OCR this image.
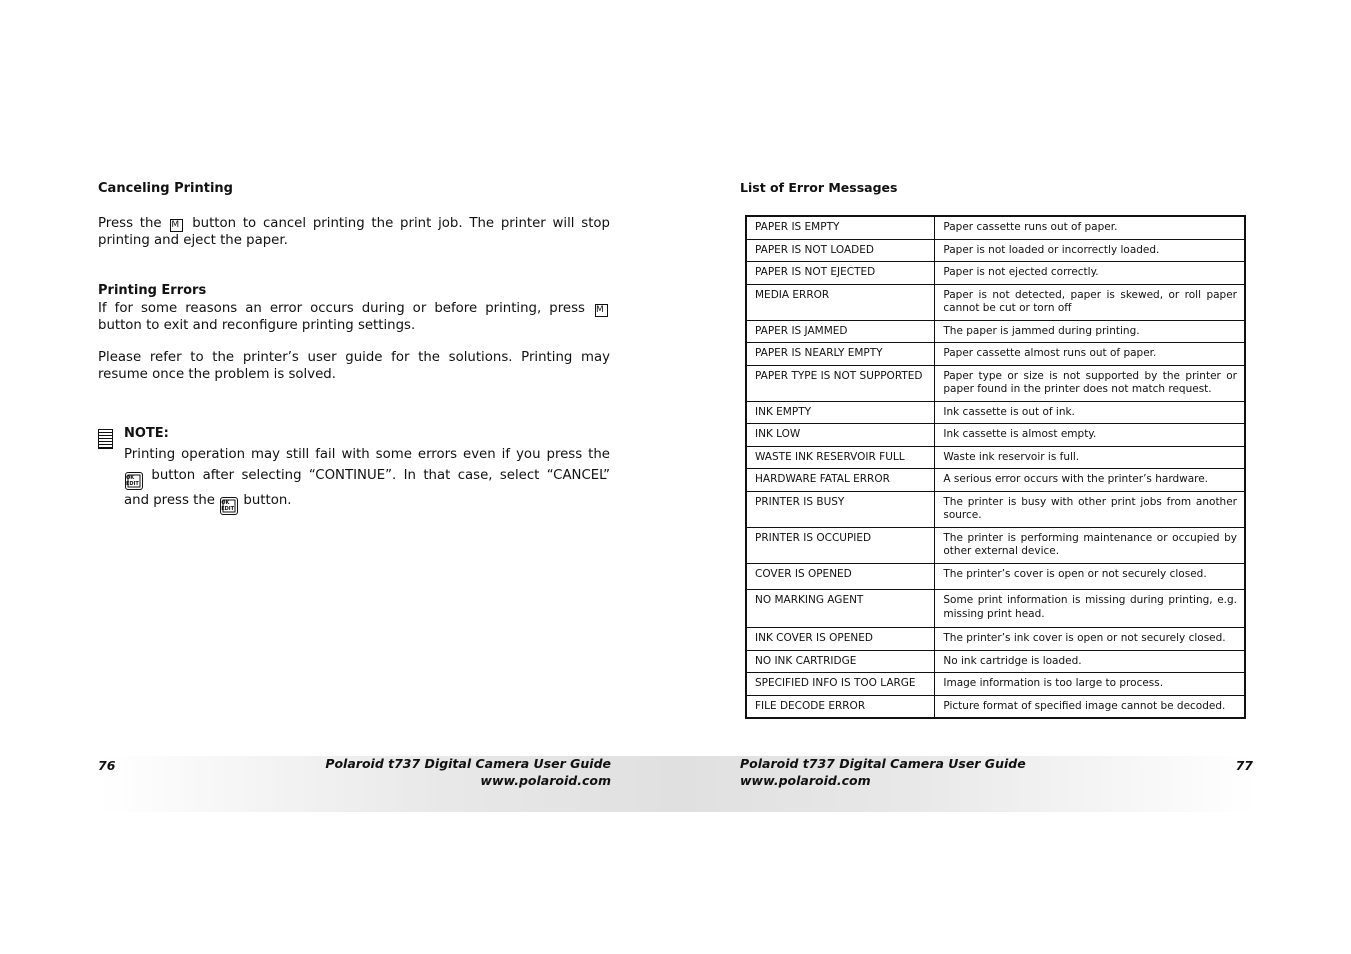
Canceling Printing
Press the M button to cancel printing the print job. The printer will stop printing and eject the paper.
Printing Errors
If for some reasons an error occurs during or before printing, press M button to exit and reconfigure printing settings.
Please refer to the printer’s user guide for the solutions. Printing may resume once the problem is solved.
NOTE:
Printing operation may still fail with some errors even if you press the OK
EDIT button after selecting “CONTINUE”. In that case, select “CANCEL” and press the OK
EDIT button.
76	Polaroid t737 Digital Camera User Guide
www.polaroid.com
Polaroid t737 Digital Camera User Guide
www.polaroid.com
77
List of Error Messages
PAPER IS EMPTY	Paper cassette runs out of paper.
PAPER IS NOT LOADED	Paper is not loaded or incorrectly loaded.
PAPER IS NOT EJECTED	Paper is not ejected correctly.
MEDIA ERROR	Paper is not detected, paper is skewed, or roll paper cannot be cut or torn off
PAPER IS JAMMED	The paper is jammed during printing.
PAPER IS NEARLY EMPTY	Paper cassette almost runs out of paper.
PAPER TYPE IS NOT SUPPORTED	Paper type or size is not supported by the printer or paper found in the printer does not match request.
INK EMPTY	Ink cassette is out of ink.
INK LOW	Ink cassette is almost empty.
WASTE INK RESERVOIR FULL	Waste ink reservoir is full.
HARDWARE FATAL ERROR	A serious error occurs with the printer’s hardware.
PRINTER IS BUSY	The printer is busy with other print jobs from another source.
PRINTER IS OCCUPIED	The printer is performing maintenance or occupied by other external device.
COVER IS OPENED	The printer’s cover is open or not securely closed.
NO MARKING AGENT	Some print information is missing during printing, e.g. missing print head.
INK COVER IS OPENED	The printer’s ink cover is open or not securely closed.
NO INK CARTRIDGE	No ink cartridge is loaded.
SPECIFIED INFO IS TOO LARGE	Image information is too large to process.
FILE DECODE ERROR	Picture format of specified image cannot be decoded.
